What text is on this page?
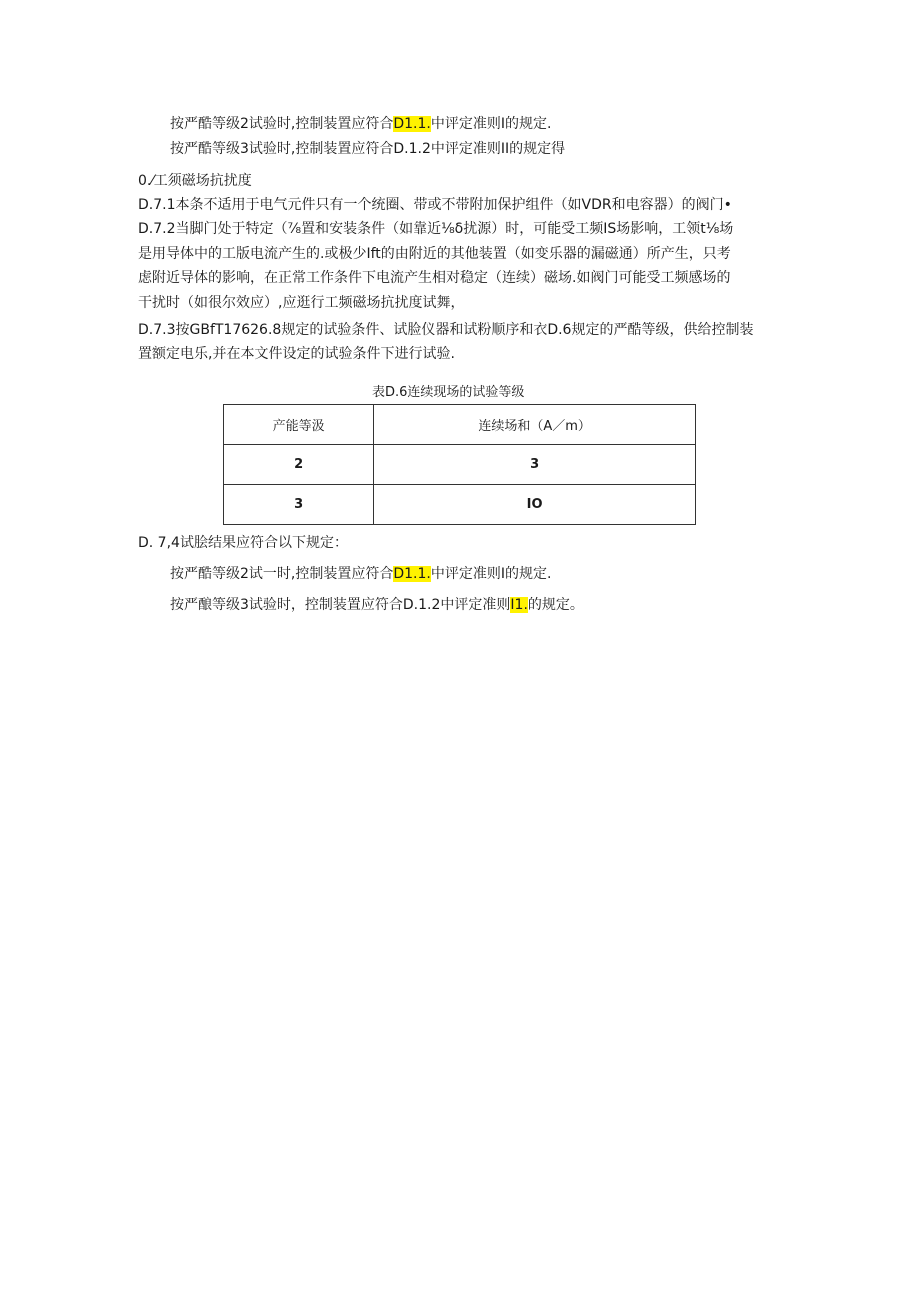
按严酷等级2试验时,控制装置应符合D1.1.中评定准则I的规定.
按严酷等级3试验时,控制装置应符合D.1.2中评定准则II的规定得
0.⁄工须磁场抗扰度
D.7.1本条不适用于电气元件只有一个统圈、带或不带附加保护组件（如VDR和电容器）的阀门•
D.7.2当脚门处于特定（⅞置和安装条件（如靠近⅛δ扰源）时，可能受工频IS场影响，工领t⅛场
是用导体中的工版电流产生的.或极少Ift的由附近的其他装置（如变乐器的漏磁通）所产生，只考
虑附近导体的影响，在正常工作条件下电流产生相对稳定（连续）磁场.如阀门可能受工频感场的
干扰时（如很尔效应）,应逛行工频磁场抗扰度试舞，
D.7.3按GBfT17626.8规定的试验条件、试脸仪器和试粉顺序和衣D.6规定的严酷等级，供给控制装
置额定电乐,并在本文件设定的试验条件下进行试验.
表D.6连续现场的试验等级
产能等汲	连续场和（A／m）
2	3
3	IO
D. 7,4试脍结果应符合以下规定：
按严酷等级2试一时,控制装置应符合D1.1.中评定准则I的规定.
按严酿等级3试验时，控制装置应符合D.1.2中评定准则I1.的规定。
